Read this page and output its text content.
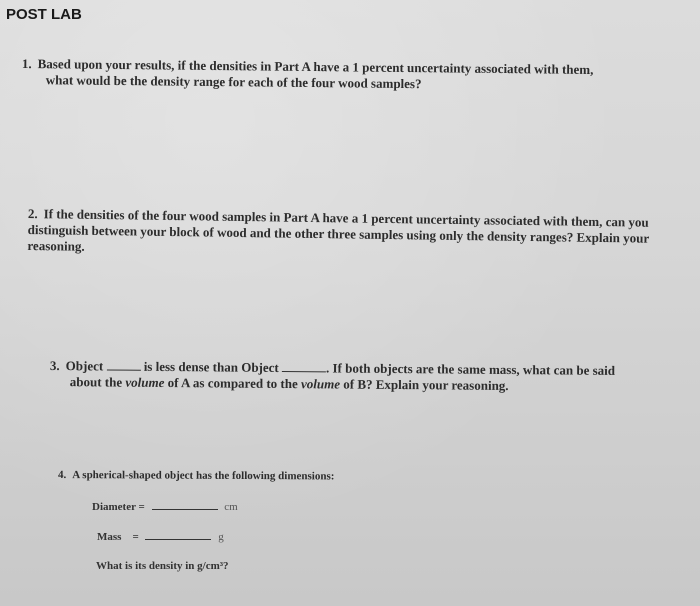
POST LAB
1. Based upon your results, if the densities in Part A have a 1 percent uncertainty associated with them,
what would be the density range for each of the four wood samples?
2. If the densities of the four wood samples in Part A have a 1 percent uncertainty associated with them, can you distinguish between your block of wood and the other three samples using only the density ranges? Explain your reasoning.
3. Object	is less dense than Object	. If both objects are the same mass, what can be said
about the volume of A as compared to the volume of B? Explain your reasoning.
4. A spherical-shaped object has the following dimensions:
Diameter =	cm
Mass =	g
What is its density in g/cm³?
